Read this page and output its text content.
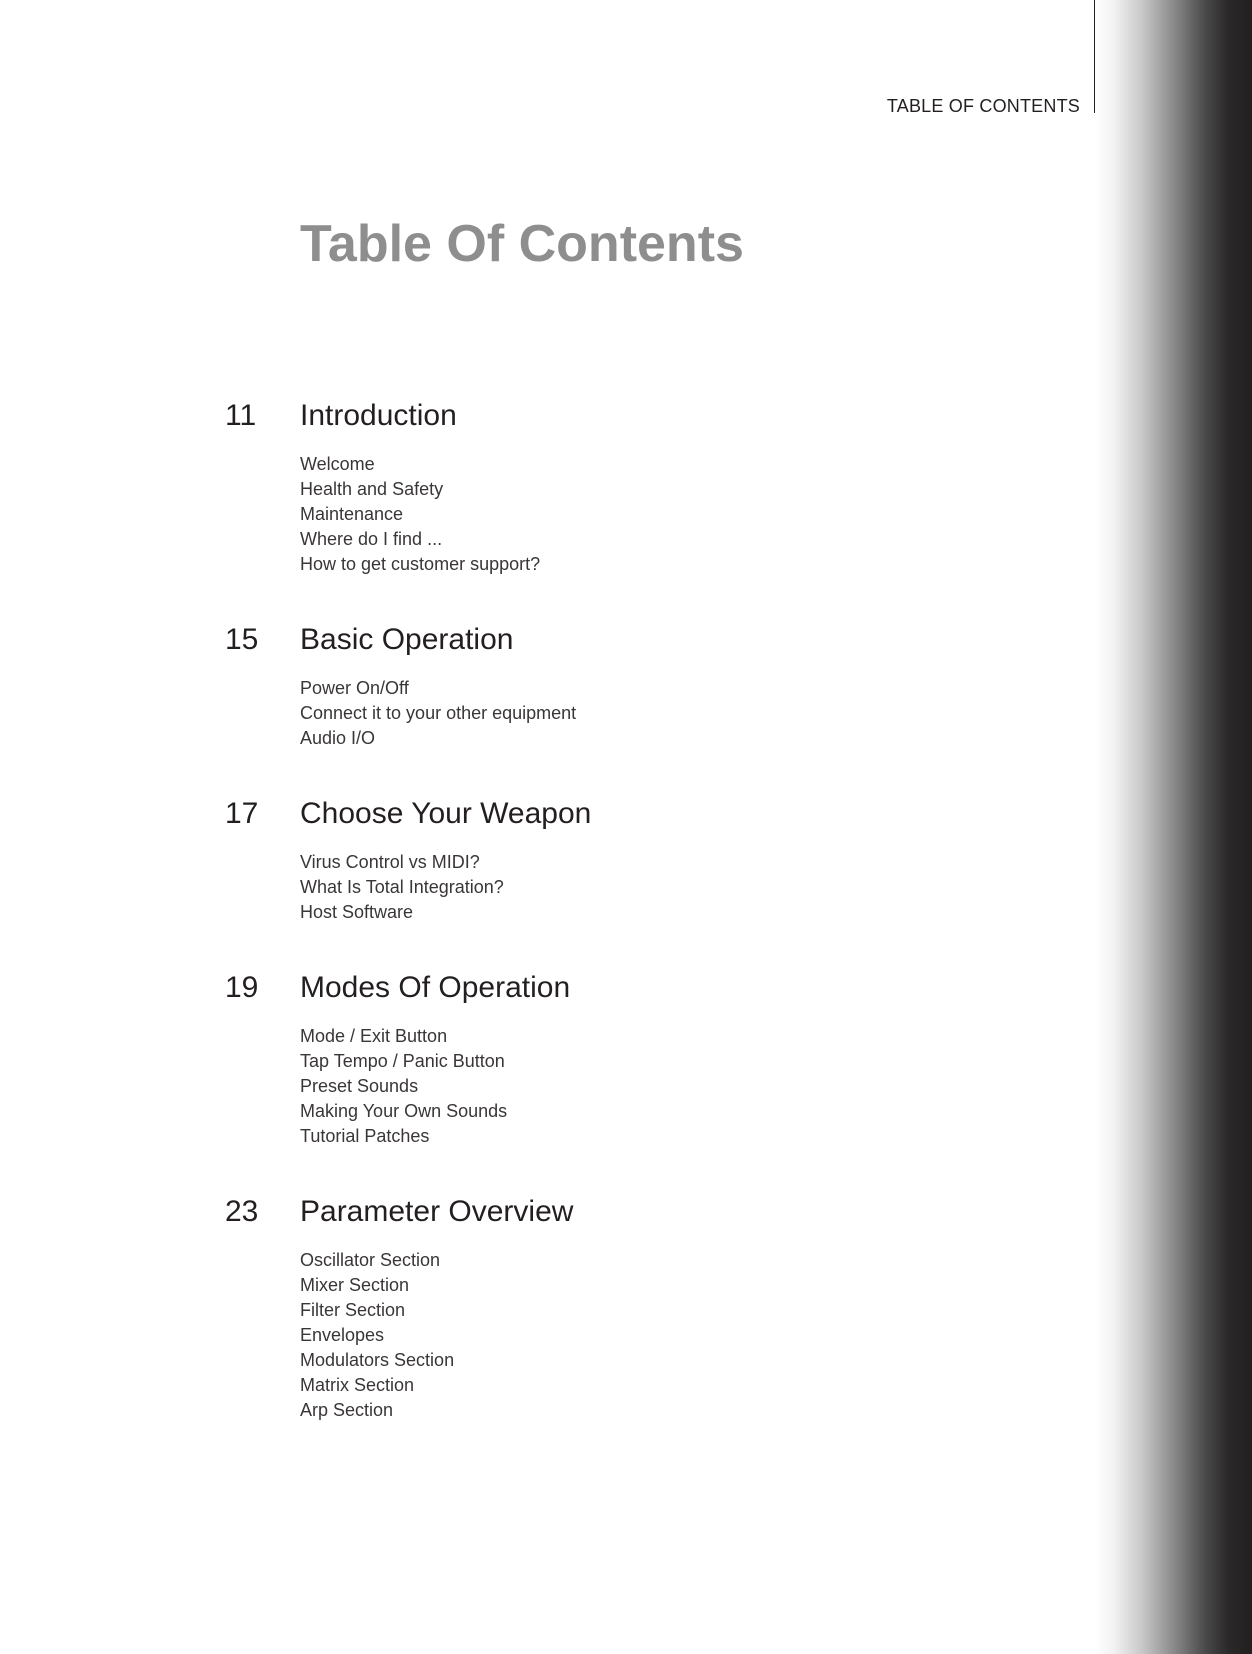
TABLE OF CONTENTS
Table Of Contents
11 Introduction
Welcome
Health and Safety
Maintenance
Where do I find ...
How to get customer support?
15 Basic Operation
Power On/Off
Connect it to your other equipment
Audio I/O
17 Choose Your Weapon
Virus Control vs MIDI?
What Is Total Integration?
Host Software
19 Modes Of Operation
Mode / Exit Button
Tap Tempo / Panic Button
Preset Sounds
Making Your Own Sounds
Tutorial Patches
23 Parameter Overview
Oscillator Section
Mixer Section
Filter Section
Envelopes
Modulators Section
Matrix Section
Arp Section
